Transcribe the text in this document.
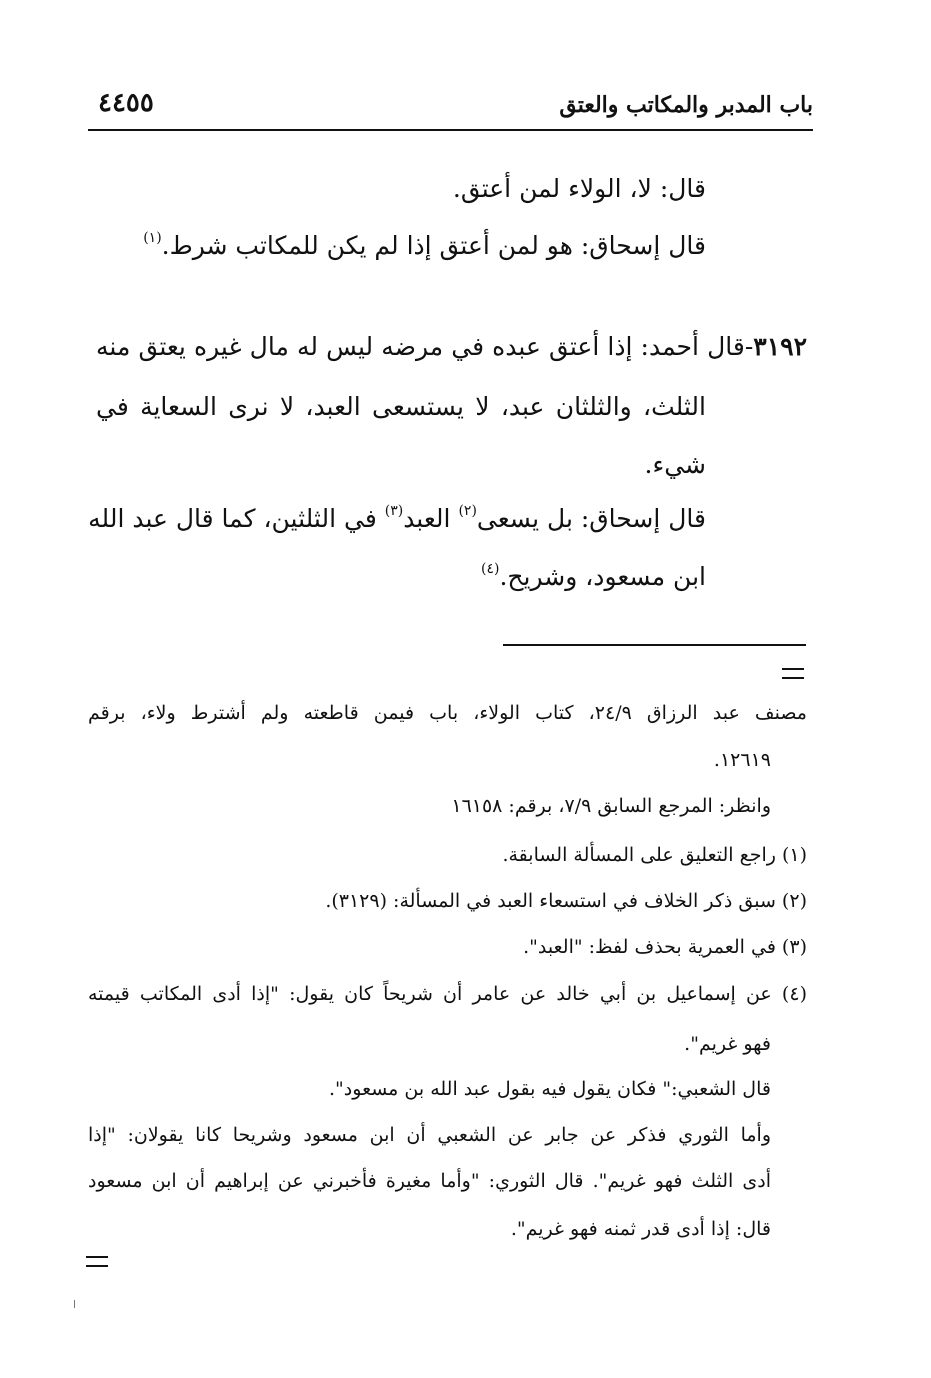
باب المدبر والمكاتب والعتق
٤٤٥٥
قال: لا، الولاء لمن أعتق.
قال إسحاق: هو لمن أعتق إذا لم يكن للمكاتب شرط.$^{(١)}$
٣١٩٢
-قال أحمد: إذا أعتق عبده في مرضه ليس له مال غيره يعتق منه
الثلث، والثلثان عبد، لا يستسعى العبد، لا نرى السعاية في
شيء.
قال إسحاق: بل يسعى$^{(٢)}$ العبد$^{(٣)}$ في الثلثين، كما قال عبد الله
ابن مسعود، وشريح.$^{(٤)}$
مصنف عبد الرزاق ٢٤/٩، كتاب الولاء، باب فيمن قاطعته ولم أشترط ولاء، برقم
١٢٦١٩.
وانظر: المرجع السابق ٧/٩، برقم: ١٦١٥٨
(١) راجع التعليق على المسألة السابقة.
(٢) سبق ذكر الخلاف في استسعاء العبد في المسألة: (٣١٢٩).
(٣) في العمرية بحذف لفظ: "العبد".
(٤) عن إسماعيل بن أبي خالد عن عامر أن شريحاً كان يقول: "إذا أدى المكاتب قيمته
فهو غريم".
قال الشعبي:" فكان يقول فيه بقول عبد الله بن مسعود".
وأما الثوري فذكر عن جابر عن الشعبي أن ابن مسعود وشريحا كانا يقولان: "إذا
أدى الثلث فهو غريم". قال الثوري: "وأما مغيرة فأخبرني عن إبراهيم أن ابن مسعود
قال: إذا أدى قدر ثمنه فهو غريم".
